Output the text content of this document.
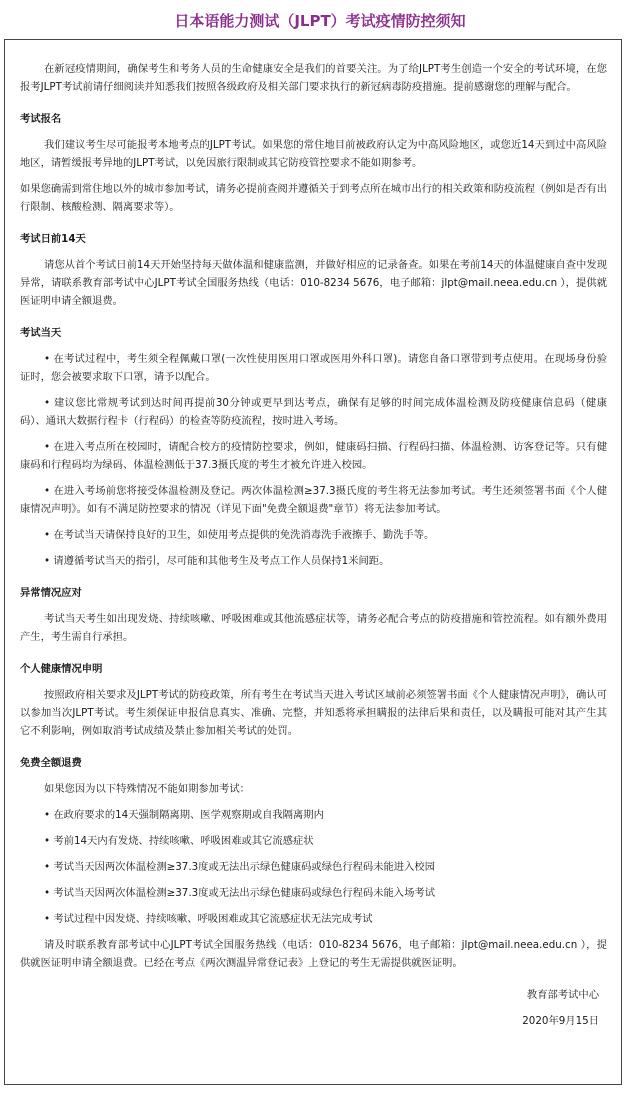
日本语能力测试（JLPT）考试疫情防控须知

在新冠疫情期间，确保考生和考务人员的生命健康安全是我们的首要关注。为了给JLPT考生创造一个安全的考试环境，在您报考JLPT考试前请仔细阅读并知悉我们按照各级政府及相关部门要求执行的新冠病毒防疫措施。提前感谢您的理解与配合。

考试报名

我们建议考生尽可能报考本地考点的JLPT考试。如果您的常住地目前被政府认定为中高风险地区，或您近14天到过中高风险地区，请暂缓报考异地的JLPT考试，以免因旅行限制或其它防疫管控要求不能如期参考。

如果您确需到常住地以外的城市参加考试，请务必提前查阅并遵循关于到考点所在城市出行的相关政策和防疫流程（例如是否有出行限制、核酸检测、隔离要求等）。

考试日前14天

请您从首个考试日前14天开始坚持每天做体温和健康监测，并做好相应的记录备查。如果在考前14天的体温健康自查中发现异常，请联系教育部考试中心JLPT考试全国服务热线（电话：010-8234 5676，电子邮箱：jlpt@mail.neea.edu.cn ），提供就医证明申请全额退费。

考试当天

• 在考试过程中，考生须全程佩戴口罩(一次性使用医用口罩或医用外科口罩)。请您自备口罩带到考点使用。在现场身份验证时，您会被要求取下口罩，请予以配合。

• 建议您比常规考试到达时间再提前30分钟或更早到达考点，确保有足够的时间完成体温检测及防疫健康信息码（健康码）、通讯大数据行程卡（行程码）的检查等防疫流程，按时进入考场。

• 在进入考点所在校园时，请配合校方的疫情防控要求，例如，健康码扫描、行程码扫描、体温检测、访客登记等。只有健康码和行程码均为绿码、体温检测低于37.3摄氏度的考生才被允许进入校园。

• 在进入考场前您将接受体温检测及登记。两次体温检测≥37.3摄氏度的考生将无法参加考试。考生还须签署书面《个人健康情况声明》。如有不满足防控要求的情况（详见下面"免费全额退费"章节）将无法参加考试。

• 在考试当天请保持良好的卫生，如使用考点提供的免洗消毒洗手液擦手、勤洗手等。

• 请遵循考试当天的指引，尽可能和其他考生及考点工作人员保持1米间距。

异常情况应对

考试当天考生如出现发烧、持续咳嗽、呼吸困难或其他流感症状等，请务必配合考点的防疫措施和管控流程。如有额外费用产生，考生需自行承担。

个人健康情况申明

按照政府相关要求及JLPT考试的防疫政策，所有考生在考试当天进入考试区域前必须签署书面《个人健康情况声明》，确认可以参加当次JLPT考试。考生须保证申报信息真实、准确、完整，并知悉将承担瞒报的法律后果和责任，以及瞒报可能对其产生其它不利影响，例如取消考试成绩及禁止参加相关考试的处罚。

免费全额退费

如果您因为以下特殊情况不能如期参加考试：

• 在政府要求的14天强制隔离期、医学观察期或自我隔离期内

• 考前14天内有发烧、持续咳嗽、呼吸困难或其它流感症状

• 考试当天因两次体温检测≥37.3度或无法出示绿色健康码或绿色行程码未能进入校园

• 考试当天因两次体温检测≥37.3度或无法出示绿色健康码或绿色行程码未能入场考试

• 考试过程中因发烧、持续咳嗽、呼吸困难或其它流感症状无法完成考试

请及时联系教育部考试中心JLPT考试全国服务热线（电话：010-8234 5676，电子邮箱：jlpt@mail.neea.edu.cn ），提供就医证明申请全额退费。已经在考点《两次测温异常登记表》上登记的考生无需提供就医证明。

教育部考试中心

2020年9月15日
